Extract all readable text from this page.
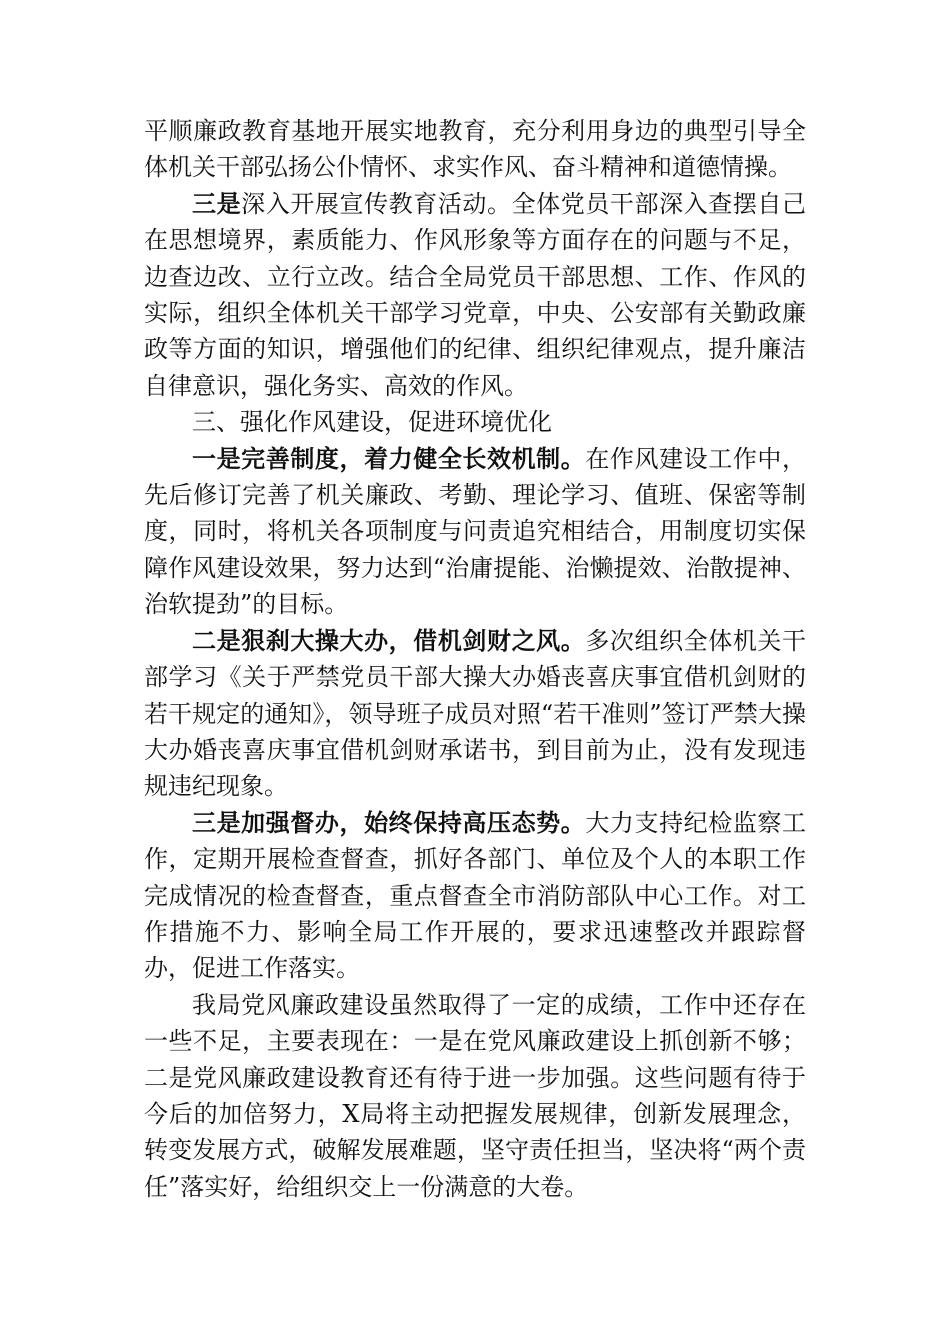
平顺廉政教育基地开展实地教育，充分利用身边的典型引导全体机关干部弘扬公仆情怀、求实作风、奋斗精神和道德情操。

三是深入开展宣传教育活动。全体党员干部深入查摆自己在思想境界，素质能力、作风形象等方面存在的问题与不足，边查边改、立行立改。结合全局党员干部思想、工作、作风的实际，组织全体机关干部学习党章，中央、公安部有关勤政廉政等方面的知识，增强他们的纪律、组织纪律观点，提升廉洁自律意识，强化务实、高效的作风。

三、强化作风建设，促进环境优化

一是完善制度，着力健全长效机制。在作风建设工作中，先后修订完善了机关廉政、考勤、理论学习、值班、保密等制度，同时，将机关各项制度与问责追究相结合，用制度切实保障作风建设效果，努力达到“治庸提能、治懒提效、治散提神、治软提劲”的目标。

二是狠刹大操大办，借机剑财之风。多次组织全体机关干部学习《关于严禁党员干部大操大办婚丧喜庆事宜借机剑财的若干规定的通知》，领导班子成员对照“若干准则”签订严禁大操大办婚丧喜庆事宜借机剑财承诺书，到目前为止，没有发现违规违纪现象。

三是加强督办，始终保持高压态势。大力支持纪检监察工作，定期开展检查督查，抓好各部门、单位及个人的本职工作完成情况的检查督查，重点督查全市消防部队中心工作。对工作措施不力、影响全局工作开展的，要求迅速整改并跟踪督办，促进工作落实。

我局党风廉政建设虽然取得了一定的成绩，工作中还存在一些不足，主要表现在：一是在党风廉政建设上抓创新不够；二是党风廉政建设教育还有待于进一步加强。这些问题有待于今后的加倍努力，X局将主动把握发展规律，创新发展理念，转变发展方式，破解发展难题，坚守责任担当，坚决将“两个责任”落实好，给组织交上一份满意的大卷。
